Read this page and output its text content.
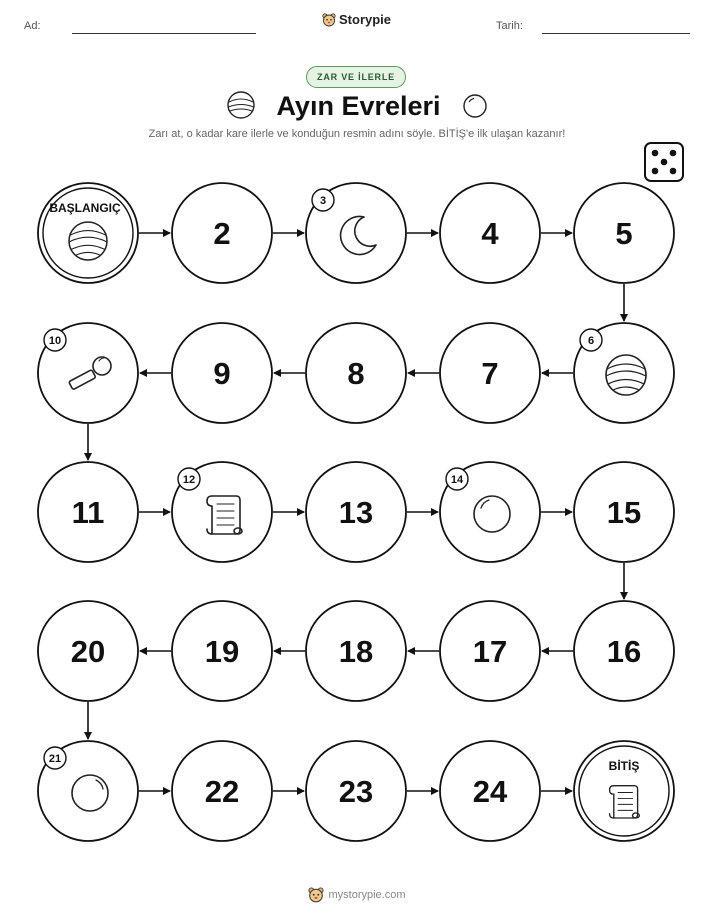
Ad:	Storypie	Tarih:
ZAR VE İLERLE
Ayın Evreleri
Zarı at, o kadar kare ilerle ve konduğun resmin adını söyle. BİTİŞ'e ilk ulaşan kazanır!
BAŞLANGIÇ
2
3
4	5
6
7
8
9
10
11
12
13
14
15
16
17
18
19
20
21
22	23	24
BİTİŞ
mystorypie.com
